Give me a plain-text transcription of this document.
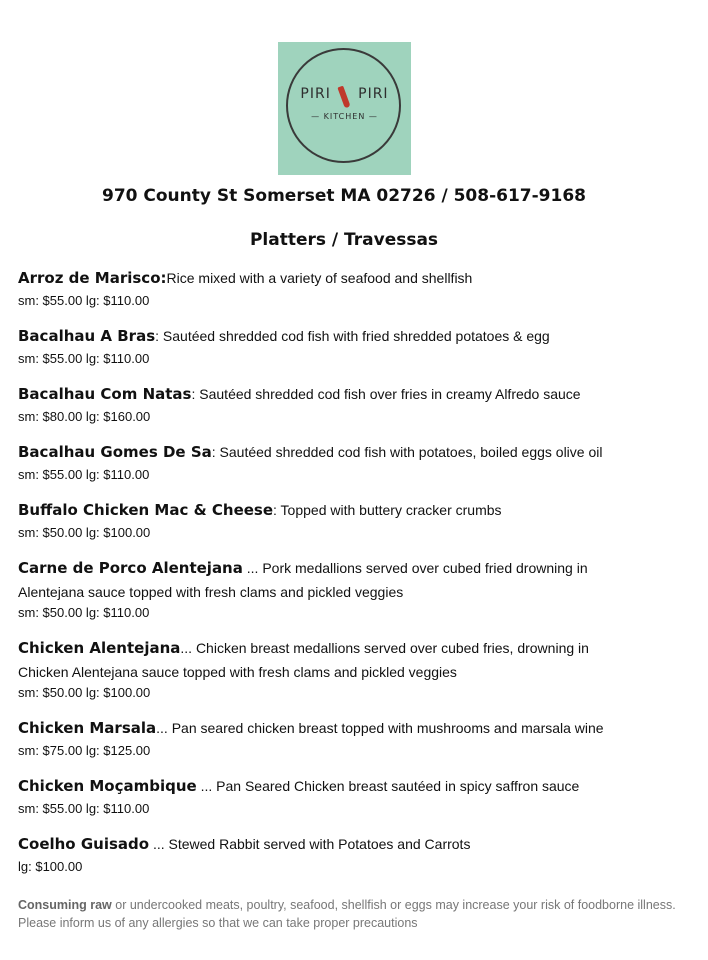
PIRI PIRI
— KITCHEN —
970 County St Somerset MA 02726 / 508-617-9168
Platters / Travessas
Arroz de Marisco:Rice mixed with a variety of seafood and shellfish
sm: $55.00 lg: $110.00
Bacalhau A Bras: Sautéed shredded cod fish with fried shredded potatoes & egg
sm: $55.00 lg: $110.00
Bacalhau Com Natas: Sautéed shredded cod fish over fries in creamy Alfredo sauce
sm: $80.00 lg: $160.00
Bacalhau Gomes De Sa: Sautéed shredded cod fish with potatoes, boiled eggs olive oil
sm: $55.00 lg: $110.00
Buffalo Chicken Mac & Cheese: Topped with buttery cracker crumbs
sm: $50.00 lg: $100.00
Carne de Porco Alentejana ... Pork medallions served over cubed fried drowning in
Alentejana sauce topped with fresh clams and pickled veggies
sm: $50.00 lg: $110.00
Chicken Alentejana... Chicken breast medallions served over cubed fries, drowning in
Chicken Alentejana sauce topped with fresh clams and pickled veggies
sm: $50.00 lg: $100.00
Chicken Marsala... Pan seared chicken breast topped with mushrooms and marsala wine
sm: $75.00 lg: $125.00
Chicken Moçambique ... Pan Seared Chicken breast sautéed in spicy saffron sauce
sm: $55.00 lg: $110.00
Coelho Guisado ... Stewed Rabbit served with Potatoes and Carrots
lg: $100.00
Consuming raw or undercooked meats, poultry, seafood, shellfish or eggs may increase your risk of foodborne illness. Please inform us of any allergies so that we can take proper precautions
